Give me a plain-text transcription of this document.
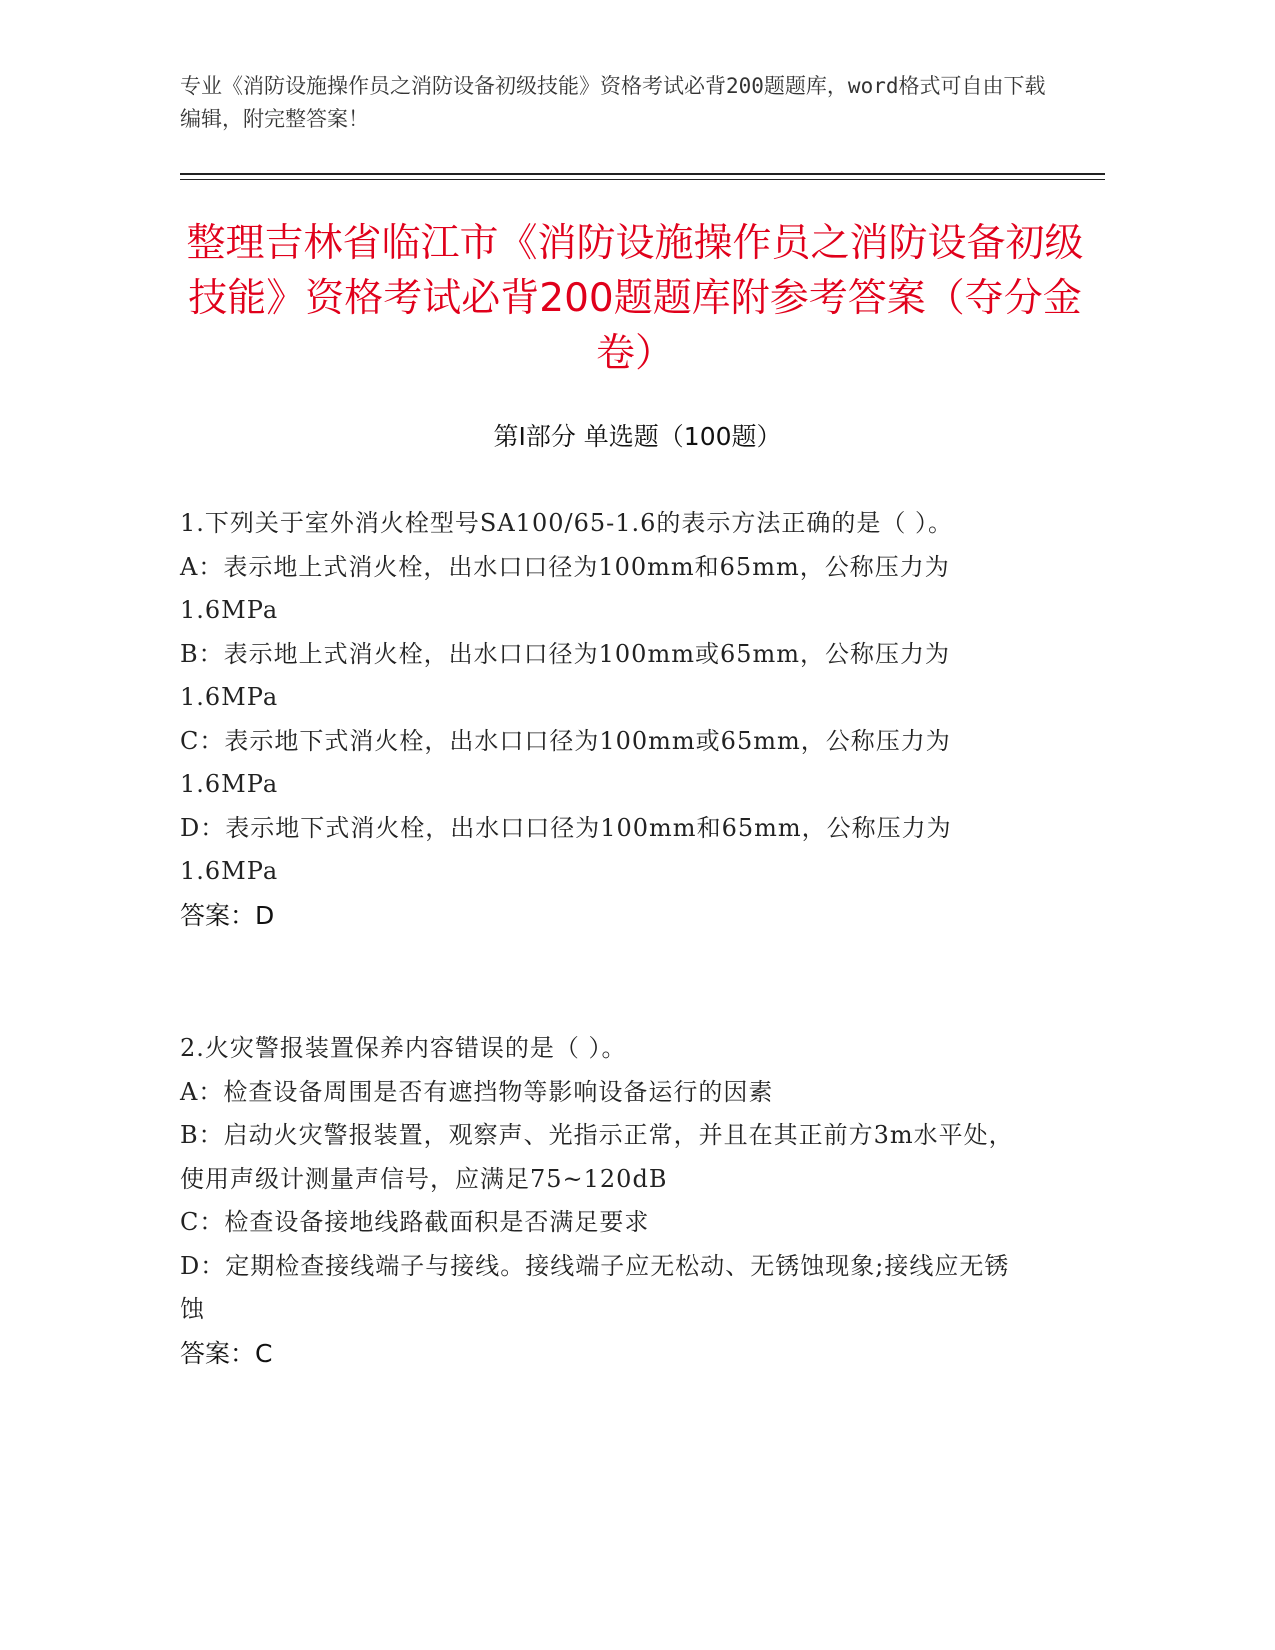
专业《消防设施操作员之消防设备初级技能》资格考试必背200题题库，word格式可自由下载编辑，附完整答案！
整理吉林省临江市《消防设施操作员之消防设备初级技能》资格考试必背200题题库附参考答案（夺分金卷）
第Ⅰ部分 单选题（100题）
1.下列关于室外消火栓型号SA100/65-1.6的表示方法正确的是（ ）。
A：表示地上式消火栓，出水口口径为100mm和65mm，公称压力为1.6MPa
B：表示地上式消火栓，出水口口径为100mm或65mm，公称压力为1.6MPa
C：表示地下式消火栓，出水口口径为100mm或65mm，公称压力为1.6MPa
D：表示地下式消火栓，出水口口径为100mm和65mm，公称压力为1.6MPa
答案：D
2.火灾警报装置保养内容错误的是（ ）。
A：检查设备周围是否有遮挡物等影响设备运行的因素
B：启动火灾警报装置，观察声、光指示正常，并且在其正前方3m水平处，使用声级计测量声信号，应满足75~120dB
C：检查设备接地线路截面积是否满足要求
D：定期检查接线端子与接线。接线端子应无松动、无锈蚀现象;接线应无锈蚀
答案：C
